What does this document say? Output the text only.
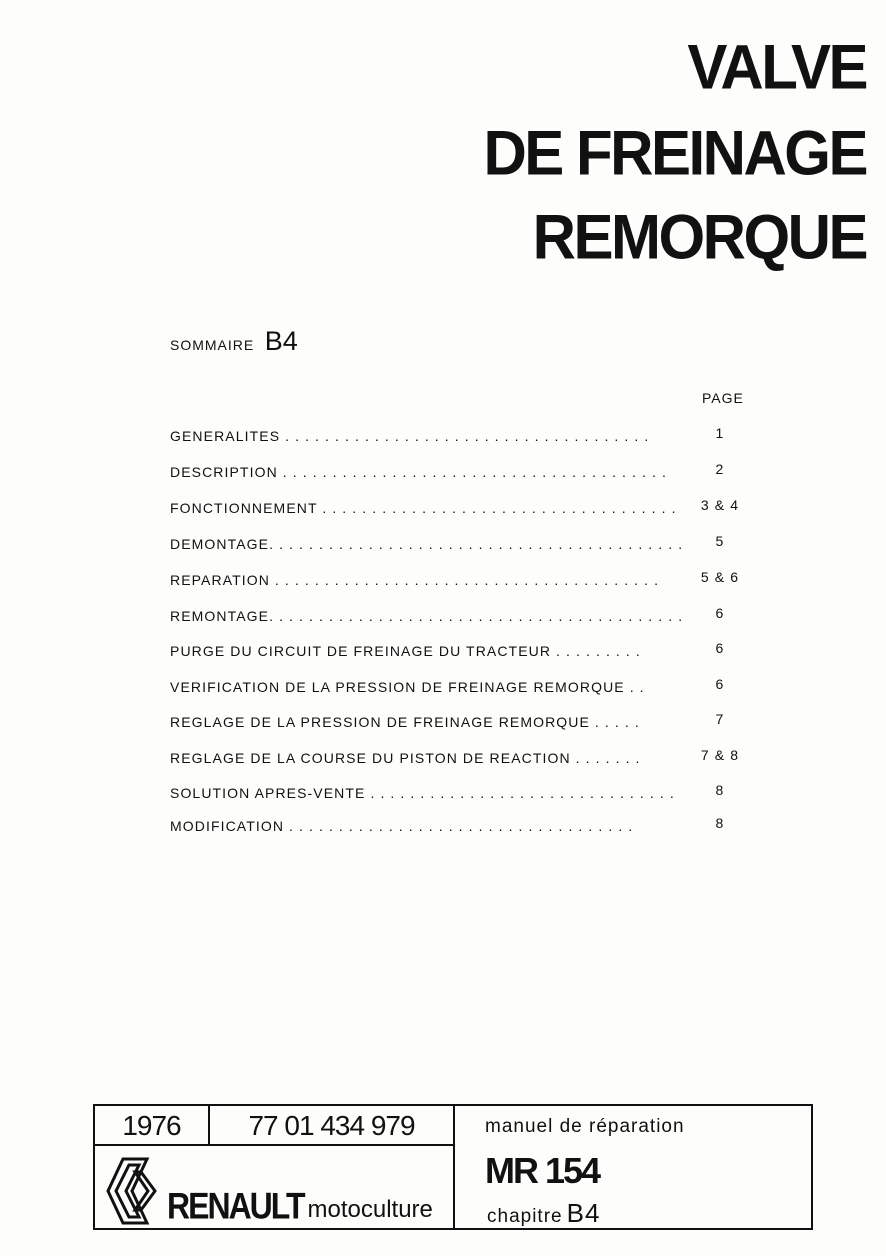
VALVE
DE FREINAGE
REMORQUE
SOMMAIRE B4
PAGE
GENERALITES . . . . . . . . . . . . . . . . . . . . . . . . . . . . . . . . . . . . .	1
DESCRIPTION . . . . . . . . . . . . . . . . . . . . . . . . . . . . . . . . . . . . . . .	2
FONCTIONNEMENT . . . . . . . . . . . . . . . . . . . . . . . . . . . . . . . . . . . .	3 & 4
DEMONTAGE. . . . . . . . . . . . . . . . . . . . . . . . . . . . . . . . . . . . . . . . . .	5
REPARATION . . . . . . . . . . . . . . . . . . . . . . . . . . . . . . . . . . . . . . .	5 & 6
REMONTAGE. . . . . . . . . . . . . . . . . . . . . . . . . . . . . . . . . . . . . . . . . .	6
PURGE DU CIRCUIT DE FREINAGE DU TRACTEUR . . . . . . . . .	6
VERIFICATION DE LA PRESSION DE FREINAGE REMORQUE . .	6
REGLAGE DE LA PRESSION DE FREINAGE REMORQUE . . . . .	7
REGLAGE DE LA COURSE DU PISTON DE REACTION . . . . . . .	7 & 8
SOLUTION APRES-VENTE . . . . . . . . . . . . . . . . . . . . . . . . . . . . . . .	8
MODIFICATION . . . . . . . . . . . . . . . . . . . . . . . . . . . . . . . . . . .	8
1976	77 01 434 979
RENAULT motoculture
manuel de réparation
MR 154
chapitre B4
